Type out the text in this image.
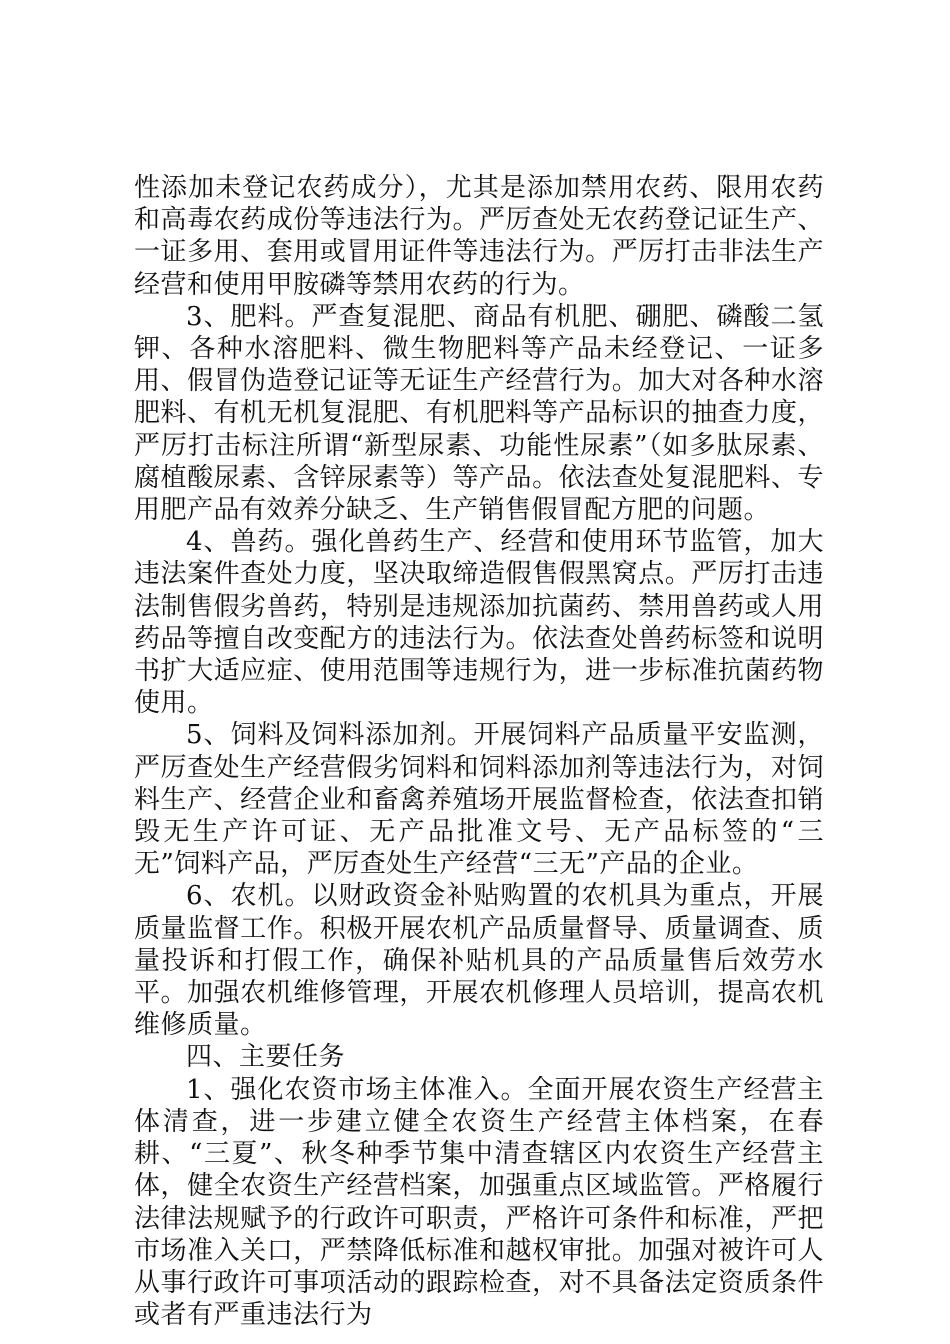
性添加未登记农药成分），尤其是添加禁用农药、限用农药和高毒农药成份等违法行为。严厉查处无农药登记证生产、一证多用、套用或冒用证件等违法行为。严厉打击非法生产经营和使用甲胺磷等禁用农药的行为。

3、肥料。严查复混肥、商品有机肥、硼肥、磷酸二氢钾、各种水溶肥料、微生物肥料等产品未经登记、一证多用、假冒伪造登记证等无证生产经营行为。加大对各种水溶肥料、有机无机复混肥、有机肥料等产品标识的抽查力度，严厉打击标注所谓“新型尿素、功能性尿素”（如多肽尿素、腐植酸尿素、含锌尿素等）等产品。依法查处复混肥料、专用肥产品有效养分缺乏、生产销售假冒配方肥的问题。

4、兽药。强化兽药生产、经营和使用环节监管，加大违法案件查处力度，坚决取缔造假售假黑窝点。严厉打击违法制售假劣兽药，特别是违规添加抗菌药、禁用兽药或人用药品等擅自改变配方的违法行为。依法查处兽药标签和说明书扩大适应症、使用范围等违规行为，进一步标准抗菌药物使用。

5、饲料及饲料添加剂。开展饲料产品质量平安监测，严厉查处生产经营假劣饲料和饲料添加剂等违法行为，对饲料生产、经营企业和畜禽养殖场开展监督检查，依法查扣销毁无生产许可证、无产品批准文号、无产品标签的“三无”饲料产品，严厉查处生产经营“三无”产品的企业。

6、农机。以财政资金补贴购置的农机具为重点，开展质量监督工作。积极开展农机产品质量督导、质量调查、质量投诉和打假工作，确保补贴机具的产品质量售后效劳水平。加强农机维修管理，开展农机修理人员培训，提高农机维修质量。

四、主要任务

1、强化农资市场主体准入。全面开展农资生产经营主体清查，进一步建立健全农资生产经营主体档案，在春耕、“三夏”、秋冬种季节集中清查辖区内农资生产经营主体，健全农资生产经营档案，加强重点区域监管。严格履行法律法规赋予的行政许可职责，严格许可条件和标准，严把市场准入关口，严禁降低标准和越权审批。加强对被许可人从事行政许可事项活动的跟踪检查，对不具备法定资质条件或者有严重违法行为
